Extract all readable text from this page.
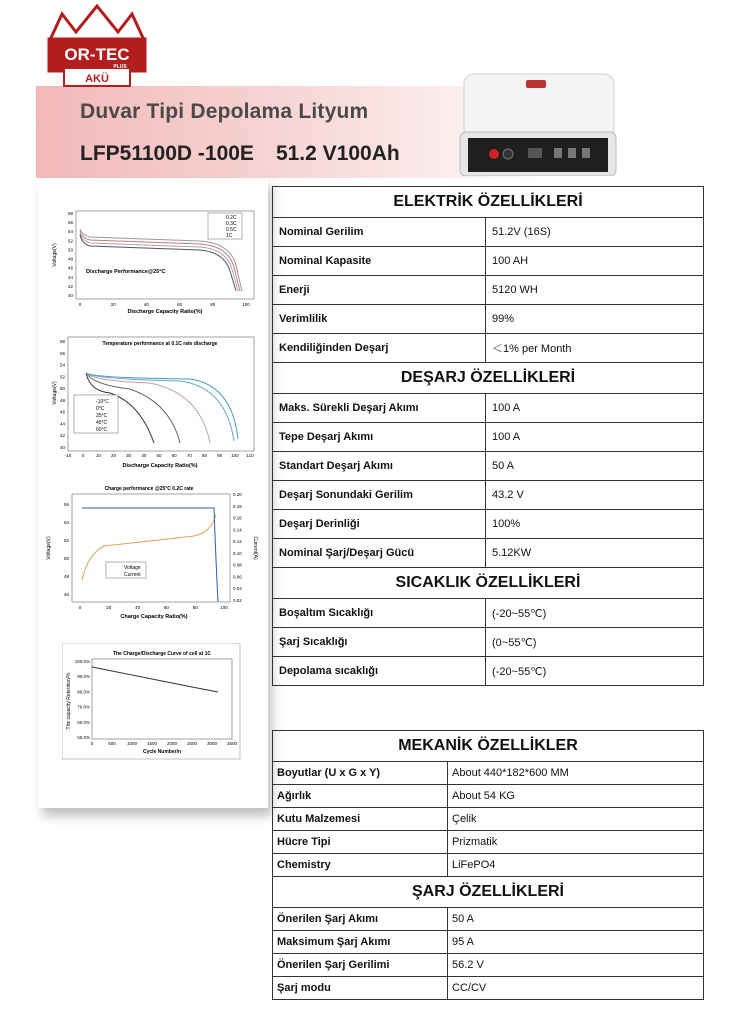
Duvar Tipi Depolama Lityum
LFP51100D -100E 51.2 V100Ah
OR-TEC
PLUS
AKÜ
58
56
54
52
50
48
46
44
42
40
0	20	40	60	80	100
0.2C
0.3C
0.5C
1C
Discharge Performance@25°C
Discharge Capacity Ratio(%)
Voltage(V)
58
56
54
52
50
48
46
44
42
40
-10 0	10 20 30 40 50 60 70 80 90 100 110
Temperature performance at 0.1C rate discharge
-10°C
0°C
25°C
45°C
60°C
Discharge Capacity Ratio(%)
Voltage(V)
56
54
52
50
48
46
0.20
0.18
0.16
0.14
0.12
0.10
0.08
0.06
0.04
0.02
0	20	40	60	80	100
Charge performance @25°C 0.2C rate
Voltage
Current
Charge Capacity Ratio(%)
Voltage(V)	Current(A)
100.0%
90.0%
80.0%
70.0%
60.0%
50.0%
0	500 1000 1500 2000 2500 3000 3500
The Charge/Discharge Curve of cell at 1C
Cycle Number/n
The capacity Retention/%
ELEKTRİK ÖZELLİKLERİ	
Nominal Gerilim	51.2V (16S)
Nominal Kapasite	100 AH
Enerji	5120 WH
Verimlilik	99%
Kendiliğinden Deşarj	＜1% per Month
DEŞARJ ÖZELLİKLERİ	
Maks. Sürekli Deşarj Akımı	100 A
Tepe Deşarj Akımı	100 A
Standart Deşarj Akımı	50 A
Deşarj Sonundaki Gerilim	43.2 V
Deşarj Derinliği	100%
Nominal Şarj/Deşarj Gücü	5.12KW
SICAKLIK ÖZELLİKLERİ	
Boşaltım Sıcaklığı	(-20~55℃)
Şarj Sıcaklığı	(0~55℃)
Depolama sıcaklığı	(-20~55℃)
MEKANİK ÖZELLİKLER	
Boyutlar (U x G x Y)	About 440*182*600 MM
Ağırlık	About 54 KG
Kutu Malzemesi	Çelik
Hücre Tipi	Prizmatik
Chemistry	LiFePO4
ŞARJ ÖZELLİKLERİ	
Önerilen Şarj Akımı	50 A
Maksimum Şarj Akımı	95 A
Önerilen Şarj Gerilimi	56.2 V
Şarj modu	CC/CV
